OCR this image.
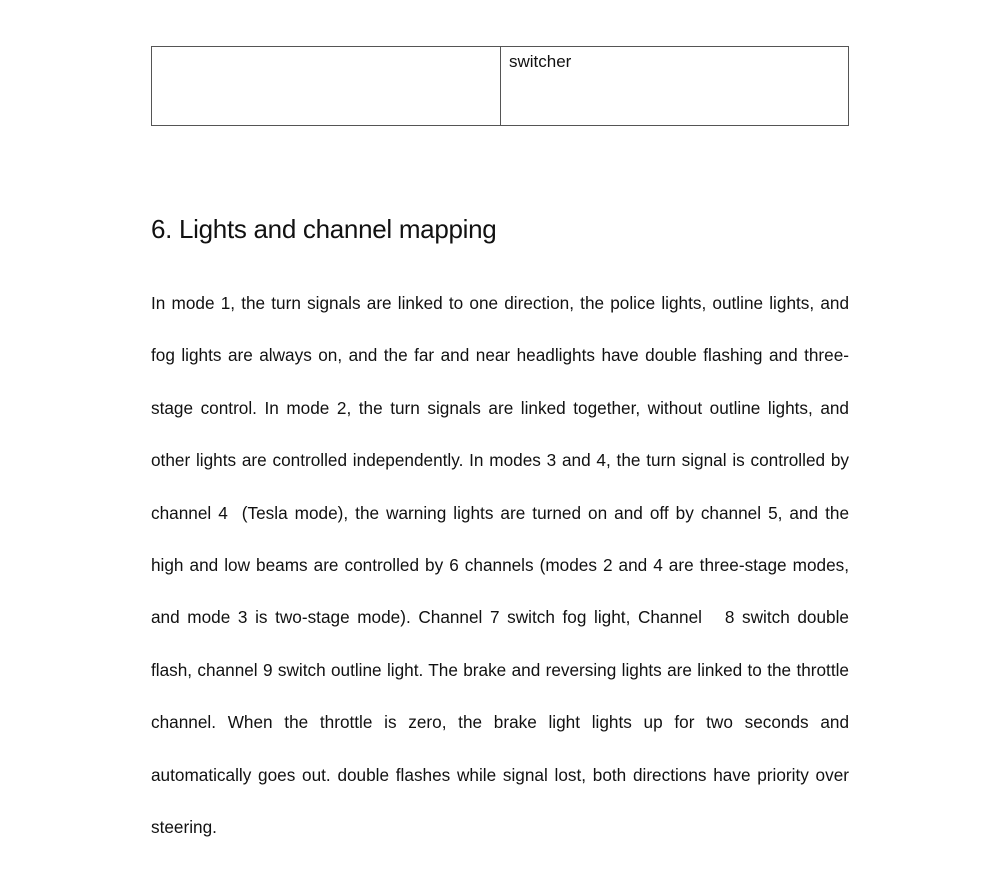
switcher
6. Lights and channel mapping
In mode 1, the turn signals are linked to one direction, the police lights, outline lights, and
fog lights are always on, and the far and near headlights have double flashing and three-
stage control. In mode 2, the turn signals are linked together, without outline lights, and
other lights are controlled independently. In modes 3 and 4, the turn signal is controlled by
channel 4  (Tesla mode), the warning lights are turned on and off by channel 5, and the
high and low beams are controlled by 6 channels (modes 2 and 4 are three-stage modes,
and mode 3 is two-stage mode). Channel 7 switch fog light, Channel   8 switch double
flash, channel 9 switch outline light. The brake and reversing lights are linked to the throttle
channel. When the throttle is zero, the brake light lights up for two seconds and
automatically goes out. double flashes while signal lost, both directions have priority over
steering.
